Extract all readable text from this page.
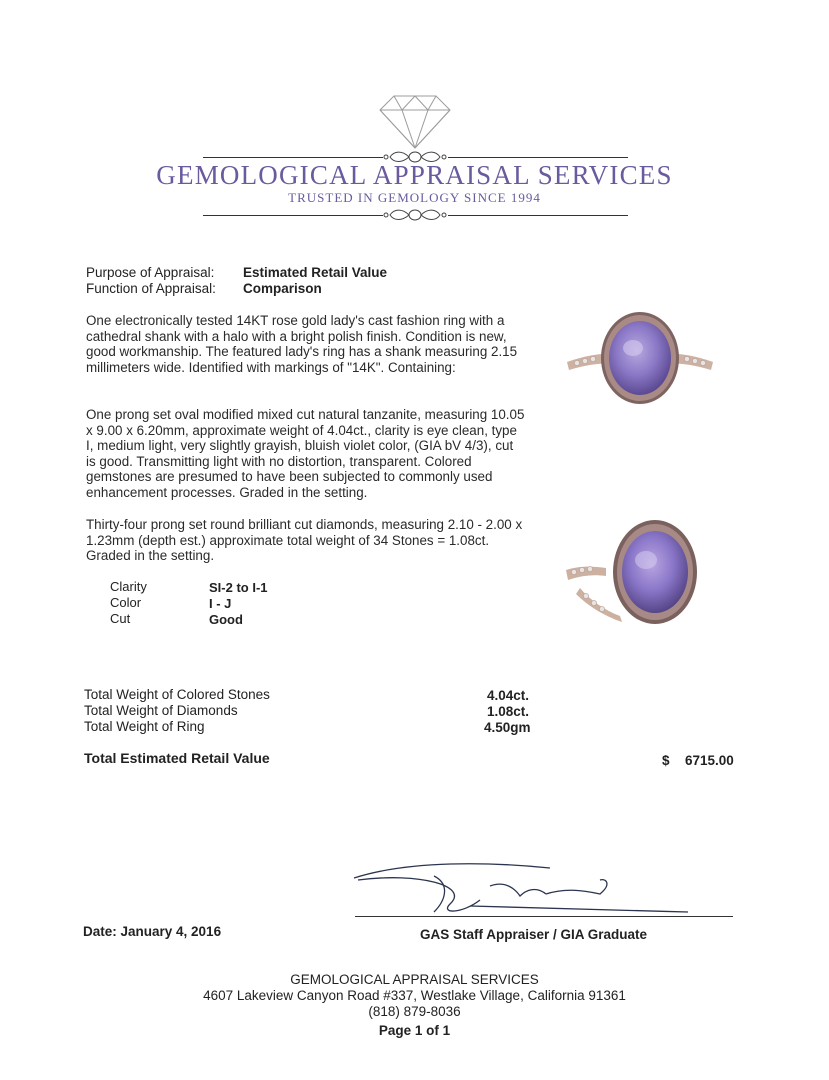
GEMOLOGICAL APPRAISAL SERVICES
TRUSTED IN GEMOLOGY SINCE 1994
Purpose of Appraisal: Estimated Retail Value
Function of Appraisal: Comparison
One electronically tested 14KT rose gold lady's cast fashion ring with a cathedral shank with a halo with a bright polish finish. Condition is new, good workmanship. The featured lady's ring has a shank measuring 2.15 millimeters wide. Identified with markings of "14K". Containing:
One prong set oval modified mixed cut natural tanzanite, measuring 10.05 x 9.00 x 6.20mm, approximate weight of 4.04ct., clarity is eye clean, type I, medium light, very slightly grayish, bluish violet color, (GIA bV 4/3), cut is good. Transmitting light with no distortion, transparent. Colored gemstones are presumed to have been subjected to commonly used enhancement processes. Graded in the setting.
Thirty-four prong set round brilliant cut diamonds, measuring 2.10 - 2.00 x 1.23mm (depth est.) approximate total weight of 34 Stones = 1.08ct. Graded in the setting.
Clarity	SI-2 to I-1
Color	I - J
Cut	Good
Total Weight of Colored Stones	4.04ct.
Total Weight of Diamonds	1.08ct.
Total Weight of Ring	4.50gm
Total Estimated Retail Value	$ 6715.00
Date: January 4, 2016	GAS Staff Appraiser / GIA Graduate
GEMOLOGICAL APPRAISAL SERVICES
4607 Lakeview Canyon Road #337, Westlake Village, California 91361
(818) 879-8036
Page 1 of 1
